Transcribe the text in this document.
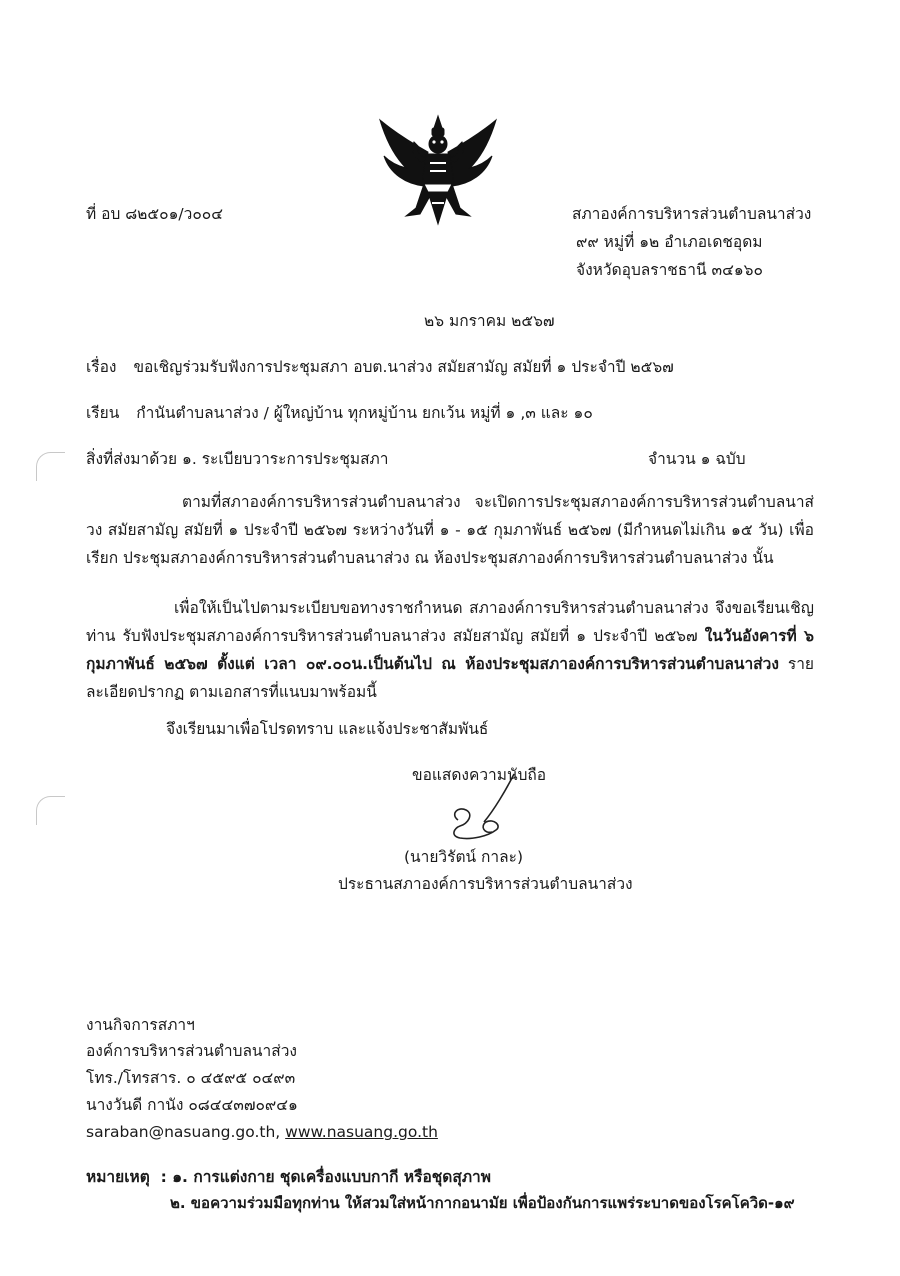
ที่ อบ ๘๒๕๐๑/ว๐๐๔	สภาองค์การบริหารส่วนตำบลนาส่วง
๙๙ หมู่ที่ ๑๒ อำเภอเดชอุดม
จังหวัดอุบลราชธานี ๓๔๑๖๐
๒๖ มกราคม ๒๕๖๗
เรื่อง ขอเชิญร่วมรับฟังการประชุมสภา อบต.นาส่วง สมัยสามัญ สมัยที่ ๑ ประจำปี ๒๕๖๗
เรียน กำนันตำบลนาส่วง / ผู้ใหญ่บ้าน ทุกหมู่บ้าน ยกเว้น หมู่ที่ ๑ ,๓ และ ๑๐
สิ่งที่ส่งมาด้วย ๑. ระเบียบวาระการประชุมสภา	จำนวน ๑ ฉบับ
ตามที่สภาองค์การบริหารส่วนตำบลนาส่วง จะเปิดการประชุมสภาองค์การบริหารส่วนตำบลนาส่วง สมัยสามัญ สมัยที่ ๑ ประจำปี ๒๕๖๗ ระหว่างวันที่ ๑ - ๑๕ กุมภาพันธ์ ๒๕๖๗ (มีกำหนดไม่เกิน ๑๕ วัน) เพื่อเรียก ประชุมสภาองค์การบริหารส่วนตำบลนาส่วง ณ ห้องประชุมสภาองค์การบริหารส่วนตำบลนาส่วง นั้น
เพื่อให้เป็นไปตามระเบียบขอทางราชกำหนด สภาองค์การบริหารส่วนตำบลนาส่วง จึงขอเรียนเชิญท่าน รับฟังประชุมสภาองค์การบริหารส่วนตำบลนาส่วง สมัยสามัญ สมัยที่ ๑ ประจำปี ๒๕๖๗ ในวันอังคารที่ ๖ กุมภาพันธ์ ๒๕๖๗ ตั้งแต่ เวลา ๐๙.๐๐น.เป็นต้นไป ณ ห้องประชุมสภาองค์การบริหารส่วนตำบลนาส่วง รายละเอียดปรากฏ ตามเอกสารที่แนบมาพร้อมนี้
จึงเรียนมาเพื่อโปรดทราบ และแจ้งประชาสัมพันธ์
ขอแสดงความนับถือ
(นายวิรัตน์ กาละ)
ประธานสภาองค์การบริหารส่วนตำบลนาส่วง
งานกิจการสภาฯ
องค์การบริหารส่วนตำบลนาส่วง
โทร./โทรสาร. ๐ ๔๕๙๕ ๐๔๙๓
นางวันดี กานัง ๐๘๔๔๓๗๐๙๔๑
saraban@nasuang.go.th, www.nasuang.go.th
หมายเหตุ  : ๑. การแต่งกาย ชุดเครื่องแบบกากี หรือชุดสุภาพ
๒. ขอความร่วมมือทุกท่าน ให้สวมใส่หน้ากากอนามัย เพื่อป้องกันการแพร่ระบาดของโรคโควิด-๑๙
